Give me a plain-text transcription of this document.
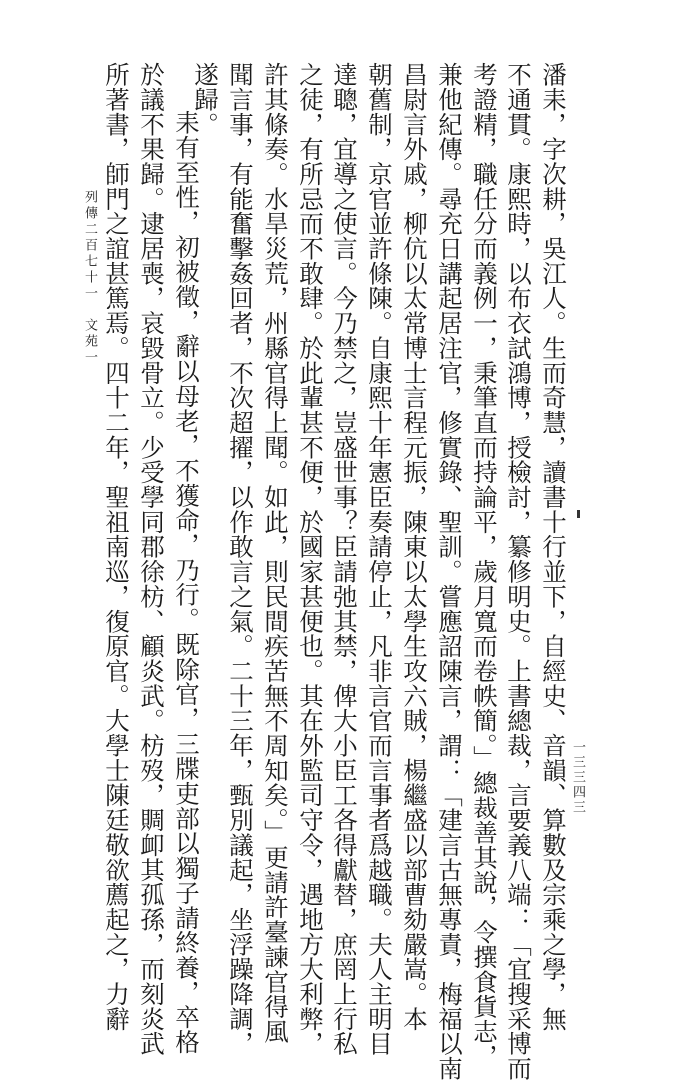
潘耒，字次耕，吳江人。生而奇慧，讀書十行並下，自經史、音韻、算數及宗乘之學，無
不通貫。康熙時，以布衣試鴻博，授檢討，纂修明史。上書總裁，言要義八端：「宜搜采博而
考證精，職任分而義例一，秉筆直而持論平，歲月寬而卷帙簡。」總裁善其說，令撰食貨志，
兼他紀傳。尋充日講起居注官，修實錄、聖訓。嘗應詔陳言，謂：「建言古無專責，梅福以南
昌尉言外戚，柳伉以太常博士言程元振，陳東以太學生攻六賊，楊繼盛以部曹劾嚴嵩。本
朝舊制，京官並許條陳。自康熙十年憲臣奏請停止，凡非言官而言事者爲越職。夫人主明目
達聰，宜導之使言。今乃禁之，豈盛世事？臣請弛其禁，俾大小臣工各得獻替，庶罔上行私
之徒，有所忌而不敢肆。於此輩甚不便，於國家甚便也。其在外監司守令，遇地方大利弊，
許其條奏。水旱災荒，州縣官得上聞。如此，則民間疾苦無不周知矣。」更請許臺諫官得風
聞言事，有能奮擊姦回者，不次超擢，以作敢言之氣。二十三年，甄別議起，坐浮躁降調，
遂歸。
耒有至性，初被徵，辭以母老，不獲命，乃行。既除官，三牒吏部以獨子請終養，卒格
於議不果歸。逮居喪，哀毀骨立。少受學同郡徐枋、顧炎武。枋歿，賙卹其孤孫，而刻炎武
所著書，師門之誼甚篤焉。四十二年，聖祖南巡，復原官。大學士陳廷敬欲薦起之，力辭
列傳二百七十一　文苑一
一三三四三
